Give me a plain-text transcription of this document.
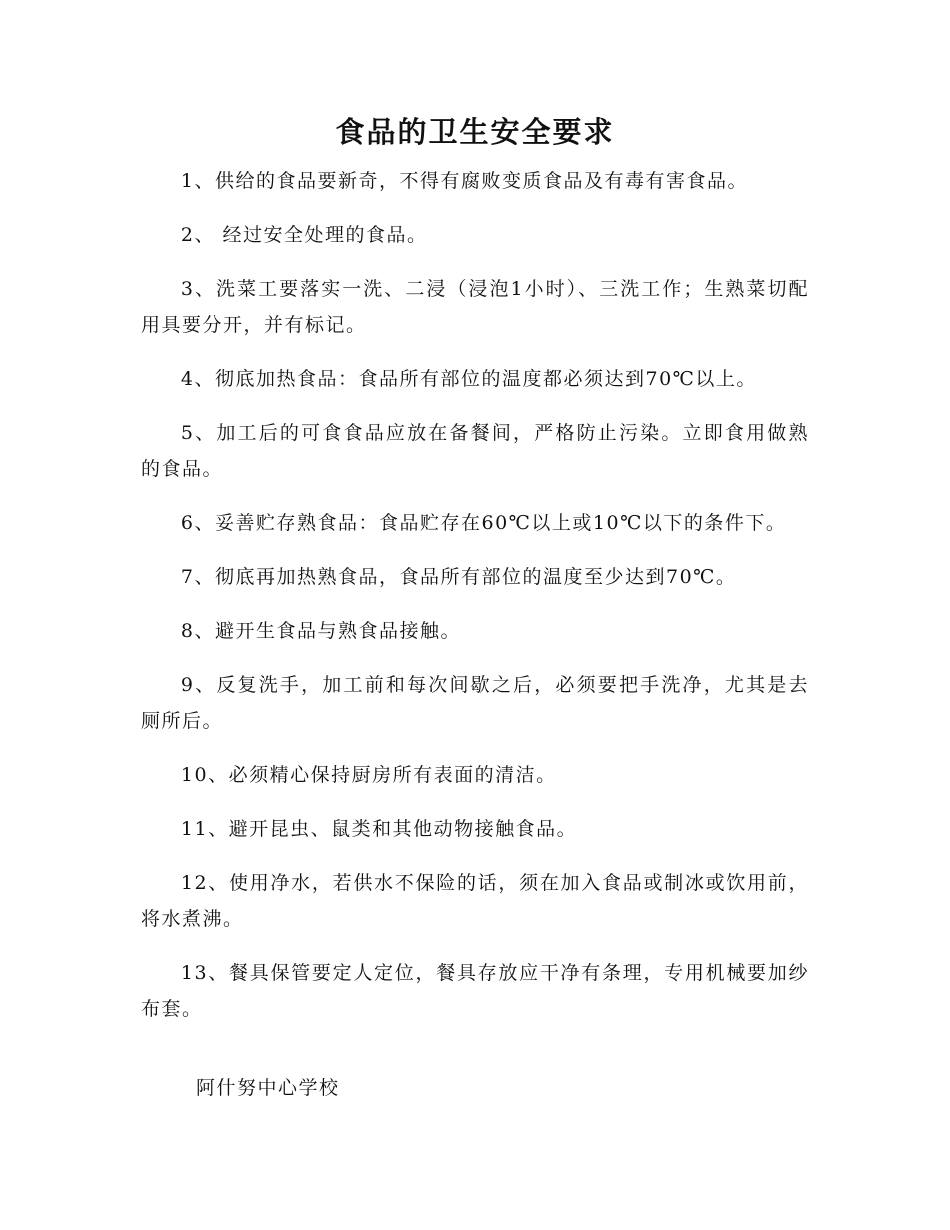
食品的卫生安全要求

1、供给的食品要新奇，不得有腐败变质食品及有毒有害食品。

2、 经过安全处理的食品。

3、洗菜工要落实一洗、二浸（浸泡1小时）、三洗工作；生熟菜切配用具要分开，并有标记。

4、彻底加热食品：食品所有部位的温度都必须达到70℃以上。

5、加工后的可食食品应放在备餐间，严格防止污染。立即食用做熟的食品。

6、妥善贮存熟食品：食品贮存在60℃以上或10℃以下的条件下。

7、彻底再加热熟食品，食品所有部位的温度至少达到70℃。

8、避开生食品与熟食品接触。

9、反复洗手，加工前和每次间歇之后，必须要把手洗净，尤其是去厕所后。

10、必须精心保持厨房所有表面的清洁。

11、避开昆虫、鼠类和其他动物接触食品。

12、使用净水，若供水不保险的话，须在加入食品或制冰或饮用前，将水煮沸。

13、餐具保管要定人定位，餐具存放应干净有条理，专用机械要加纱布套。

阿什努中心学校
